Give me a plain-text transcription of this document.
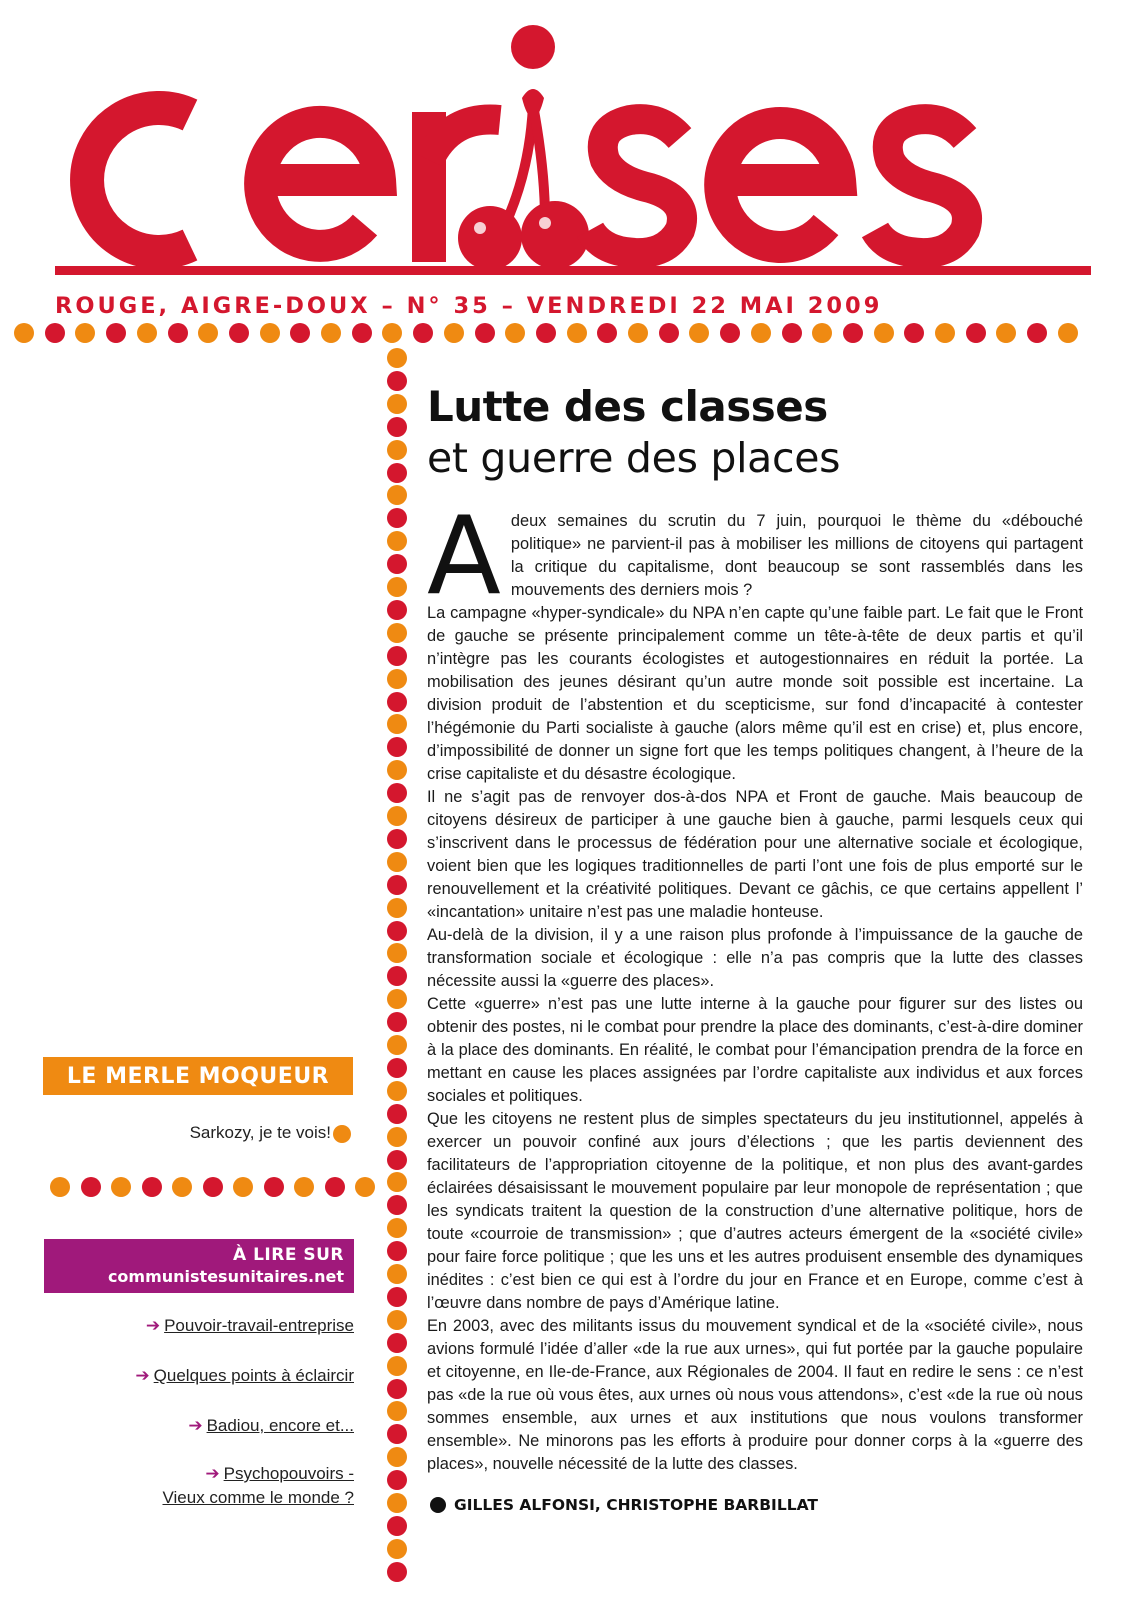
ROUGE, AIGRE-DOUX – N° 35 – VENDREDI 22 MAI 2009
Lutte des classes
et guerre des places

Adeux semaines du scrutin du 7 juin, pourquoi le thème du «débouché politique» ne parvient-il pas à mobiliser les millions de citoyens qui partagent la critique du capitalisme, dont beaucoup se sont rassemblés dans les mouvements des derniers mois ?

La campagne «hyper-syndicale» du NPA n’en capte qu’une faible part. Le fait que le Front de gauche se présente principalement comme un tête-à-tête de deux partis et qu’il n’intègre pas les courants écologistes et autogestionnaires en réduit la portée. La mobilisation des jeunes désirant qu’un autre monde soit possible est incertaine. La division produit de l’abstention et du scepticisme, sur fond d’incapacité à contester l’hégémonie du Parti socialiste à gauche (alors même qu’il est en crise) et, plus encore, d’impossibilité de donner un signe fort que les temps politiques changent, à l’heure de la crise capitaliste et du désastre écologique.

Il ne s’agit pas de renvoyer dos-à-dos NPA et Front de gauche. Mais beaucoup de citoyens désireux de participer à une gauche bien à gauche, parmi lesquels ceux qui s’inscrivent dans le processus de fédération pour une alternative sociale et écologique, voient bien que les logiques traditionnelles de parti l’ont une fois de plus emporté sur le renouvellement et la créativité politiques. Devant ce gâchis, ce que certains appellent l’ «incantation» unitaire n’est pas une maladie honteuse.

Au-delà de la division, il y a une raison plus profonde à l’impuissance de la gauche de transformation sociale et écologique : elle n’a pas compris que la lutte des classes nécessite aussi la «guerre des places».

Cette «guerre» n’est pas une lutte interne à la gauche pour figurer sur des listes ou obtenir des postes, ni le combat pour prendre la place des dominants, c’est-à-dire dominer à la place des dominants. En réalité, le combat pour l’émancipation prendra de la force en mettant en cause les places assignées par l’ordre capitaliste aux individus et aux forces sociales et politiques.

Que les citoyens ne restent plus de simples spectateurs du jeu institutionnel, appelés à exercer un pouvoir confiné aux jours d’élections ; que les partis deviennent des facilitateurs de l’appropriation citoyenne de la politique, et non plus des avant-gardes éclairées désaisissant le mouvement populaire par leur monopole de représentation ; que les syndicats traitent la question de la construction d’une alternative politique, hors de toute «courroie de transmission» ; que d’autres acteurs émergent de la «société civile» pour faire force politique ; que les uns et les autres produisent ensemble des dynamiques inédites : c’est bien ce qui est à l’ordre du jour en France et en Europe, comme c’est à l’œuvre dans nombre de pays d’Amérique latine.

En 2003, avec des militants issus du mouvement syndical et de la «société civile», nous avions formulé l’idée d’aller «de la rue aux urnes», qui fut portée par la gauche populaire et citoyenne, en Ile-de-France, aux Régionales de 2004. Il faut en redire le sens : ce n’est pas «de la rue où vous êtes, aux urnes où nous vous attendons», c’est «de la rue où nous sommes ensemble, aux urnes et aux institutions que nous voulons transformer ensemble». Ne minorons pas les efforts à produire pour donner corps à la «guerre des places», nouvelle nécessité de la lutte des classes.

GILLES ALFONSI, CHRISTOPHE BARBILLAT
LE MERLE MOQUEUR
Sarkozy, je te vois!
À LIRE SUR
communistesunitaires.net
➔ Pouvoir-travail-entreprise
➔ Quelques points à éclaircir
➔ Badiou, encore et...
➔ Psychopouvoirs -
Vieux comme le monde ?
